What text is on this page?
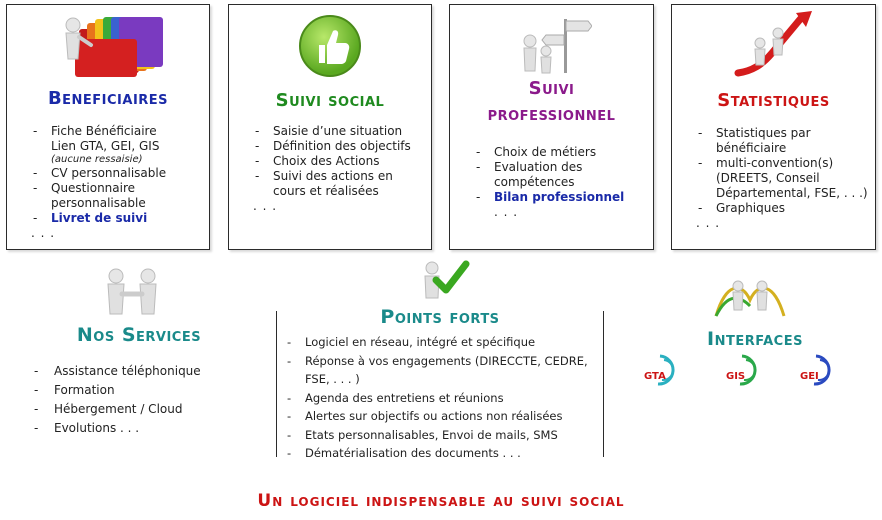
Beneficiaires
- Fiche Bénéficiaire
Lien GTA, GEI, GIS
(aucune ressaisie)
- CV personnalisable
- Questionnaire personnalisable
- Livret de suivi
. . .
Suivi social
- Saisie d’une situation
- Définition des objectifs
- Choix des Actions
- Suivi des actions en cours et réalisées
. . .
Suivi
professionnel
- Choix de métiers
- Evaluation des compétences
- Bilan professionnel
. . .
Statistiques
- Statistiques par bénéficiaire
- multi-convention(s) (DREETS, Conseil Départemental, FSE, . . .)
- Graphiques
. . .
Nos Services
- Assistance téléphonique
- Formation
- Hébergement / Cloud
- Evolutions . . .
Points forts
- Logiciel en réseau, intégré et spécifique
- Réponse à vos engagements (DIRECCTE, CEDRE, FSE, . . . )
- Agenda des entretiens et réunions
- Alertes sur objectifs ou actions non réalisées
- Etats personnalisables, Envoi de mails, SMS
- Dématérialisation des documents . . .
Interfaces
GTA	GIS	GEI
Un logiciel indispensable au suivi social
